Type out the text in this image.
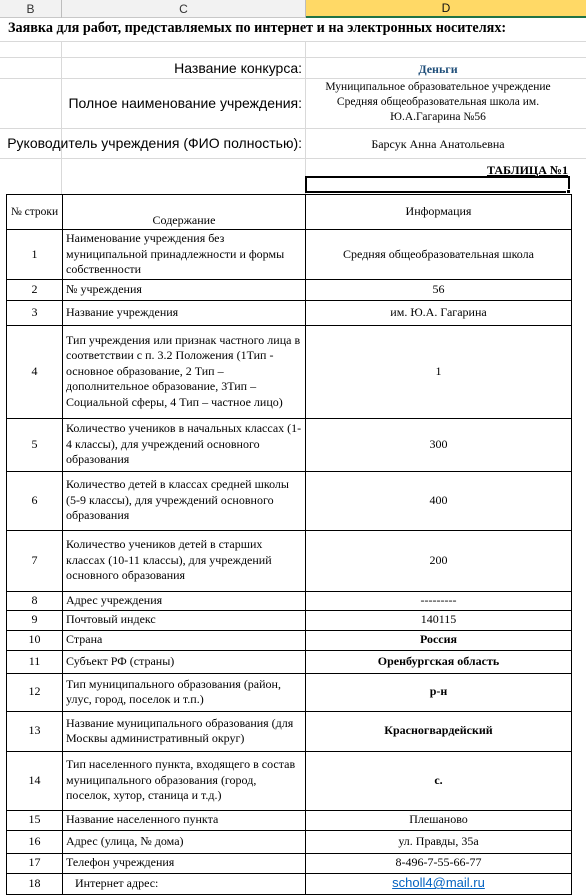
B	C	D
Заявка для работ, представляемых по интернет и на электронных носителях:
Название конкурса:	Деньги
Полное наименование учреждения:
Муниципальное образовательное учреждение
Средняя общеобразовательная школа им.
Ю.А.Гагарина №56
Руководитель учреждения (ФИО полностью):	Барсук Анна Анатольевна
ТАБЛИЦА №1
№ строки	Содержание	Информация
1	Наименование учреждения без муниципальной принадлежности и формы собственности	Средняя общеобразовательная школа
2	№ учреждения	56
3	Название учреждения	им. Ю.А. Гагарина
4	Тип учреждения или признак частного лица в соответствии с п. 3.2 Положения (1Тип - основное образование, 2 Тип – дополнительное образование, 3Тип – Социальной сферы, 4 Тип – частное лицо)	1
5	Количество учеников в начальных классах (1-4 классы), для учреждений основного образования	300
6	Количество детей в классах средней школы (5-9 классы), для учреждений основного образования	400
7	Количество учеников детей в старших классах (10-11 классы), для учреждений основного образования	200
8	Адрес учреждения	---------
9	Почтовый индекс	140115
10	Страна	Россия
11	Субъект РФ (страны)	Оренбургская область
12	Тип муниципального образования (район, улус, город, поселок и т.п.)	р-н
13	Название муниципального образования (для Москвы административный округ)	Красногвардейский
14	Тип населенного пункта, входящего в состав муниципального образования (город, поселок, хутор, станица и т.д.)	с.
15	Название населенного пункта	Плешаново
16	Адрес (улица, № дома)	ул. Правды, 35а
17	Телефон учреждения	8-496-7-55-66-77
18	Интернет адрес:	scholl4@mail.ru
